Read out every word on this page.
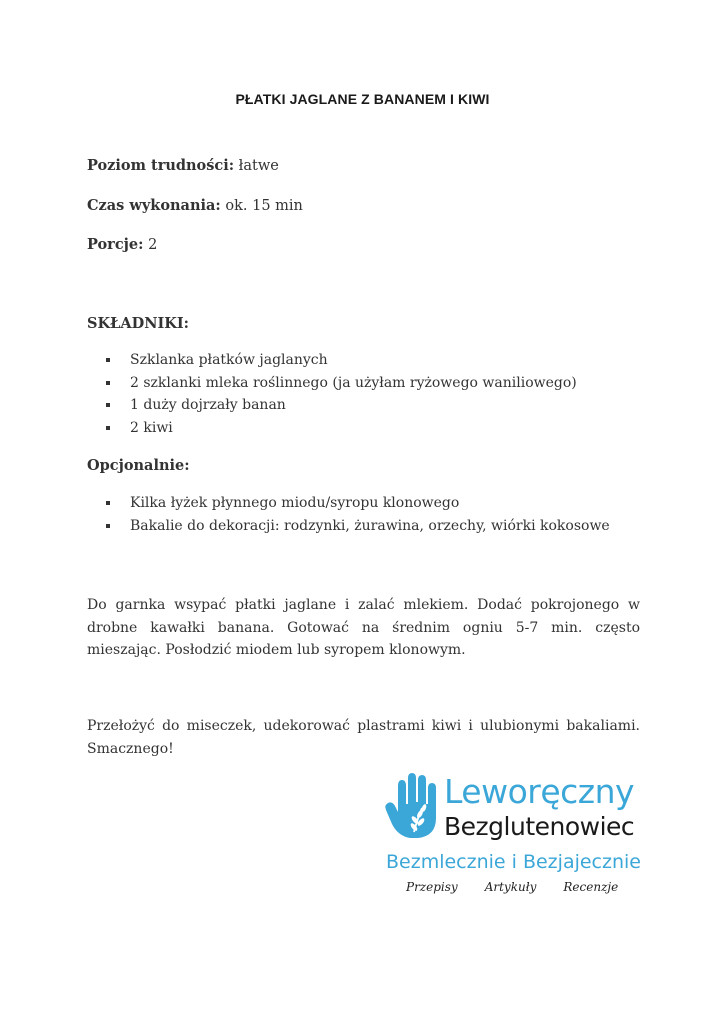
PŁATKI JAGLANE Z BANANEM I KIWI
Poziom trudności: łatwe
Czas wykonania: ok. 15 min
Porcje: 2
SKŁADNIKI:
Szklanka płatków jaglanych
2 szklanki mleka roślinnego (ja użyłam ryżowego waniliowego)
1 duży dojrzały banan
2 kiwi
Opcjonalnie:
Kilka łyżek płynnego miodu/syropu klonowego
Bakalie do dekoracji: rodzynki, żurawina, orzechy, wiórki kokosowe
Do garnka wsypać płatki jaglane i zalać mlekiem. Dodać pokrojonego w drobne kawałki banana. Gotować na średnim ogniu 5-7 min. często mieszając. Posłodzić miodem lub syropem klonowym.
Przełożyć do miseczek, udekorować plastrami kiwi i ulubionymi bakaliami. Smacznego!
Leworęczny
Bezglutenowiec
Bezmlecznie i Bezjajecznie
Przepisy Artykuły Recenzje
